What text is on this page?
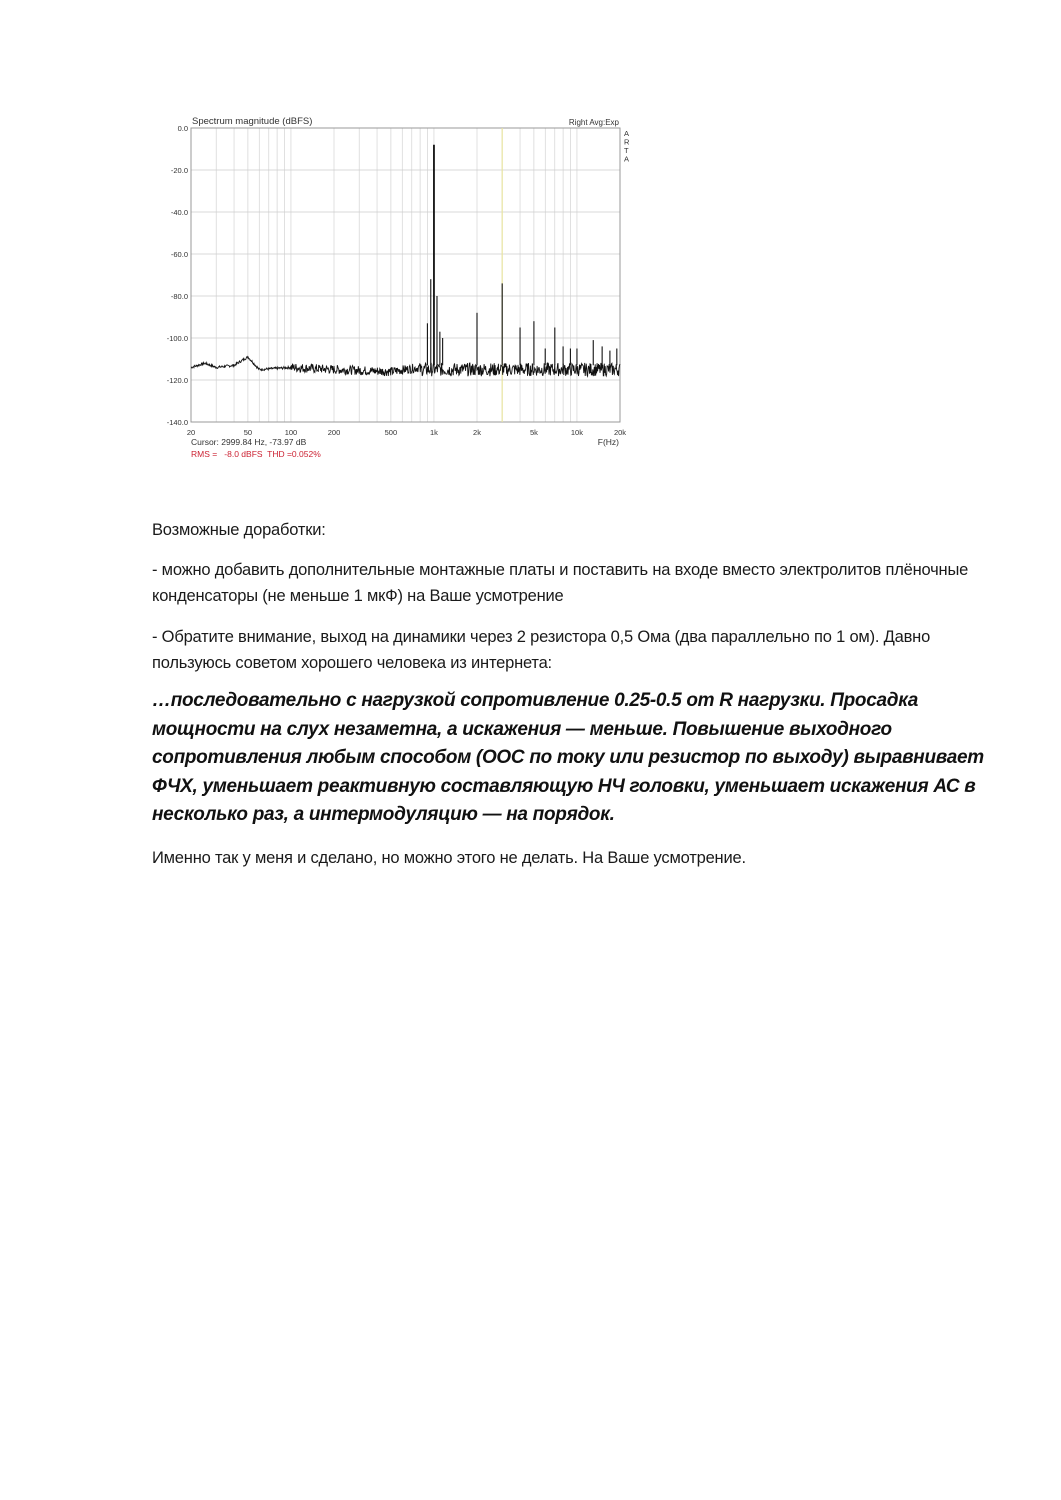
Spectrum magnitude (dBFS)	Right Avg:Exp
A
R
T
A
0.0
-20.0
-40.0
-60.0
-80.0
-100.0
-120.0
-140.0
20	50	100	200	500	1k	2k	5k	10k	20k
F(Hz)
Cursor: 2999.84 Hz, -73.97 dB
RMS =   -8.0 dBFS  THD =0.052%
Возможные доработки:
- можно добавить дополнительные монтажные платы и поставить на входе вместо электролитов плёночные конденсаторы (не меньше 1 мкФ) на Ваше усмотрение
- Обратите внимание, выход на динамики через 2 резистора 0,5 Ома (два параллельно по 1 ом). Давно пользуюсь советом хорошего человека из интернета:
…последовательно с нагрузкой сопротивление 0.25-0.5 от R нагрузки. Просадка мощности на слух незаметна, а искажения — меньше. Повышение выходного сопротивления любым способом (ООС по току или резистор по выходу) выравнивает ФЧХ, уменьшает реактивную составляющую НЧ головки, уменьшает искажения АС в несколько раз, а интермодуляцию — на порядок.
Именно так у меня и сделано, но можно этого не делать. На Ваше усмотрение.
